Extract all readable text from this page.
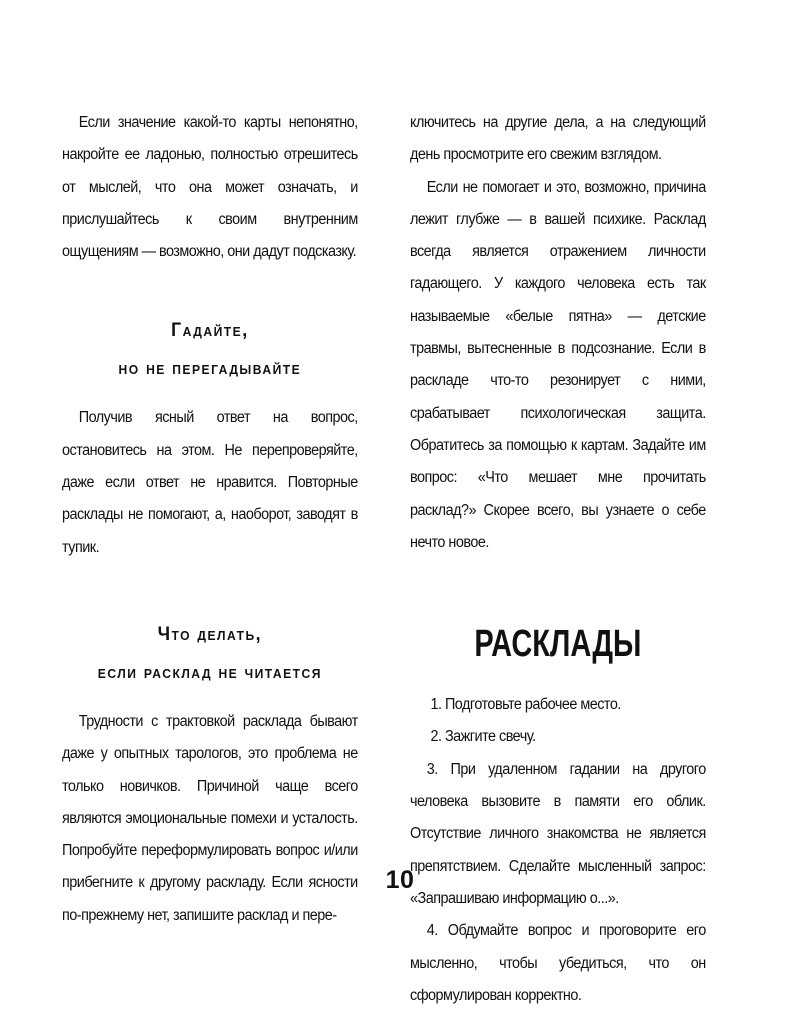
Если значение какой-то карты непонятно, накройте ее ладонью, полностью отрешитесь от мыслей, что она может означать, и прислушайтесь к своим внутренним ощущениям — возможно, они дадут подсказку.

Гадайте,
но не перегадывайте

Получив ясный ответ на вопрос, остановитесь на этом. Не перепроверяйте, даже если ответ не нравится. Повторные расклады не помогают, а, наоборот, заводят в тупик.

Что делать,
если расклад не читается

Трудности с трактовкой расклада бывают даже у опытных тарологов, это проблема не только новичков. Причиной чаще всего являются эмоциональные помехи и усталость. Попробуйте переформулировать вопрос и/или прибегните к другому раскладу. Если ясности по-прежнему нет, запишите расклад и пере-

ключитесь на другие дела, а на следующий день просмотрите его свежим взглядом.

Если не помогает и это, возможно, причина лежит глубже — в вашей психике. Расклад всегда является отражением личности гадающего. У каждого человека есть так называемые «белые пятна» — детские травмы, вытесненные в подсознание. Если в раскладе что-то резонирует с ними, срабатывает психологическая защита. Обратитесь за помощью к картам. Задайте им вопрос: «Что мешает мне прочитать расклад?» Скорее всего, вы узнаете о себе нечто новое.

РАСКЛАДЫ

1. Подготовьте рабочее место.

2. Зажгите свечу.

3. При удаленном гадании на другого человека вызовите в памяти его облик. Отсутствие личного знакомства не является препятствием. Сделайте мысленный запрос: «Запрашиваю информацию о...».

4. Обдумайте вопрос и проговорите его мысленно, чтобы убедиться, что он сформулирован корректно.

10
